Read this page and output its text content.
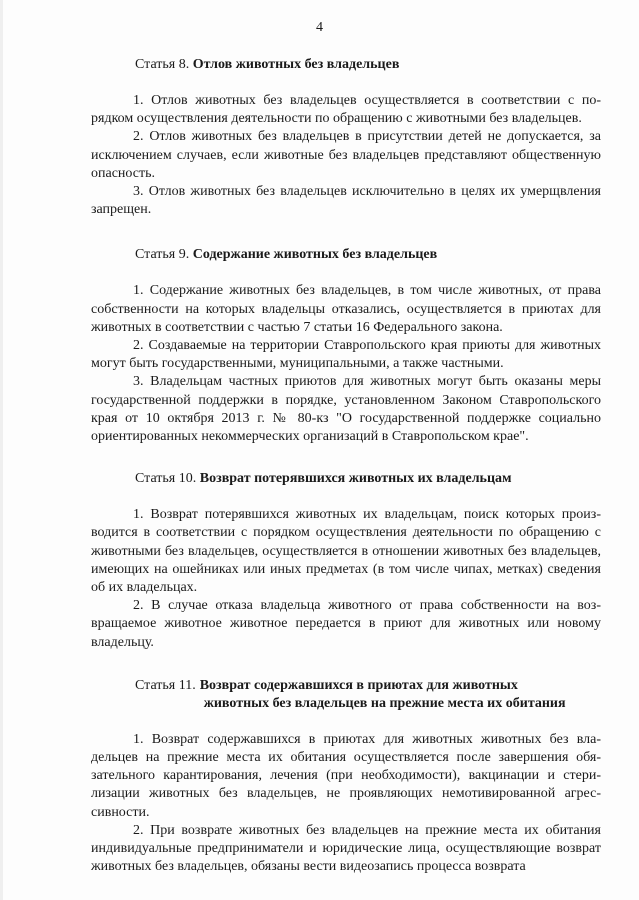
4
Статья 8. Отлов животных без владельцев

1. Отлов животных без владельцев осуществляется в соответствии с порядком осуществления деятельности по обращению с животными без владельцев.

2. Отлов животных без владельцев в присутствии детей не допускается, за исключением случаев, если животные без владельцев представляют общественную опасность.

3. Отлов животных без владельцев исключительно в целях их умерщвления запрещен.

Статья 9. Содержание животных без владельцев

1. Содержание животных без владельцев, в том числе животных, от права собственности на которых владельцы отказались, осуществляется в приютах для животных в соответствии с частью 7 статьи 16 Федерального закона.

2. Создаваемые на территории Ставропольского края приюты для животных могут быть государственными, муниципальными, а также частными.

3. Владельцам частных приютов для животных могут быть оказаны меры государственной поддержки в порядке, установленном Законом Ставропольского края от 10 октября 2013 г. № 80-кз "О государственной поддержке социально ориентированных некоммерческих организаций в Ставропольском крае".

Статья 10. Возврат потерявшихся животных их владельцам

1. Возврат потерявшихся животных их владельцам, поиск которых производится в соответствии с порядком осуществления деятельности по обращению с животными без владельцев, осуществляется в отношении животных без владельцев, имеющих на ошейниках или иных предметах (в том числе чипах, метках) сведения об их владельцах.

2. В случае отказа владельца животного от права собственности на возвращаемое животное животное передается в приют для животных или новому владельцу.

Статья 11. Возврат содержавшихся в приютах для животных
животных без владельцев на прежние места их обитания

1. Возврат содержавшихся в приютах для животных животных без владельцев на прежние места их обитания осуществляется после завершения обязательного карантирования, лечения (при необходимости), вакцинации и стерилизации животных без владельцев, не проявляющих немотивированной агрессивности.

2. При возврате животных без владельцев на прежние места их обитания индивидуальные предприниматели и юридические лица, осуществляющие возврат животных без владельцев, обязаны вести видеозапись процесса возврата
